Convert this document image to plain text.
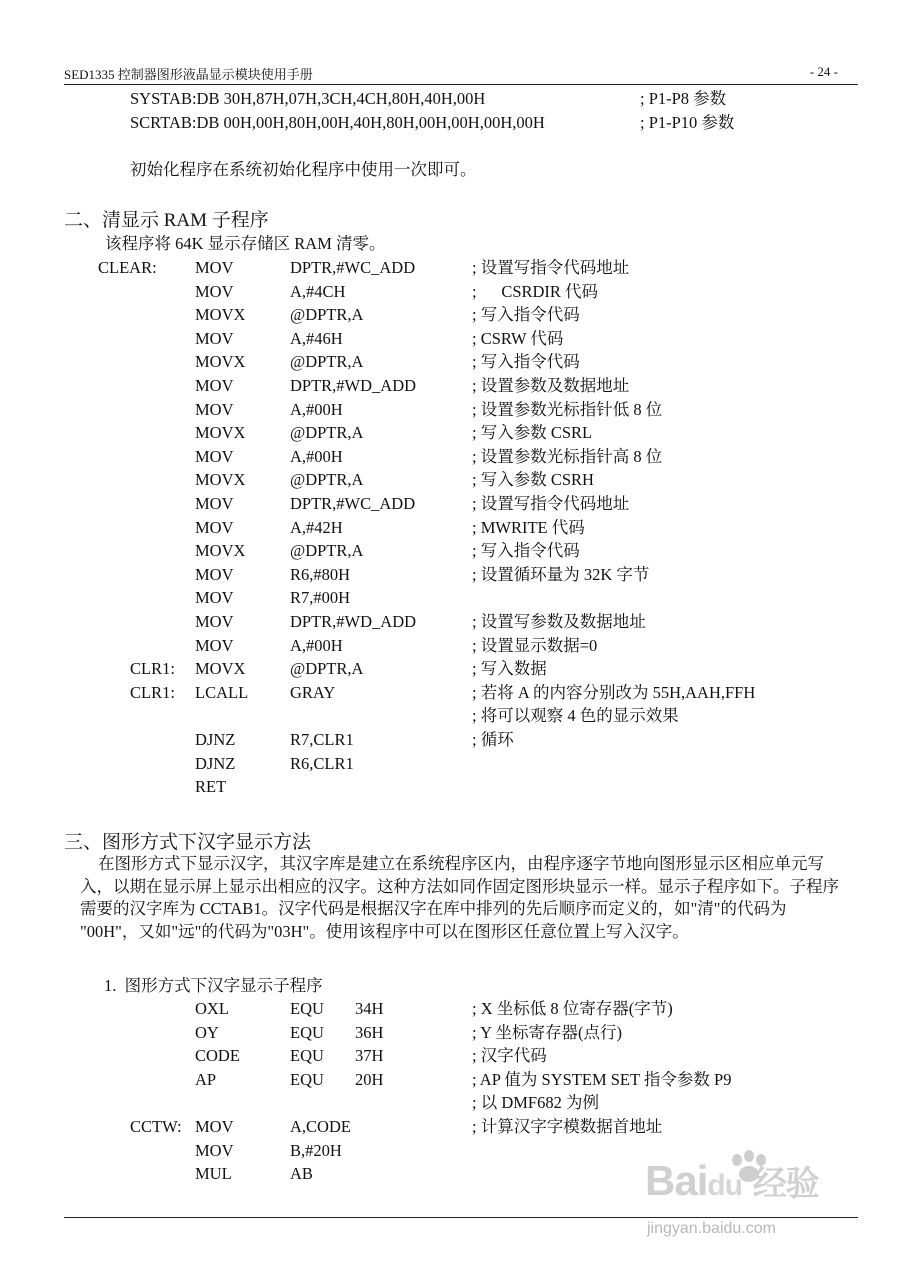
SED1335 控制器图形液晶显示模块使用手册	- 24 -
SYSTAB:DB 30H,87H,07H,3CH,4CH,80H,40H,00H	; P1-P8 参数
SCRTAB:DB 00H,00H,80H,00H,40H,80H,00H,00H,00H,00H	; P1-P10 参数
初始化程序在系统初始化程序中使用一次即可。
二、清显示 RAM 子程序
该程序将 64K 显示存储区 RAM 清零。
CLEAR: MOV	DPTR,#WC_ADD	; 设置写指令代码地址
MOV	A,#4CH	;      CSRDIR 代码
MOVX	@DPTR,A	; 写入指令代码
MOV	A,#46H	; CSRW 代码
MOVX	@DPTR,A	; 写入指令代码
MOV	DPTR,#WD_ADD	; 设置参数及数据地址
MOV	A,#00H	; 设置参数光标指针低 8 位
MOVX	@DPTR,A	; 写入参数 CSRL
MOV	A,#00H	; 设置参数光标指针高 8 位
MOVX	@DPTR,A	; 写入参数 CSRH
MOV	DPTR,#WC_ADD	; 设置写指令代码地址
MOV	A,#42H	; MWRITE 代码
MOVX	@DPTR,A	; 写入指令代码
MOV	R6,#80H	; 设置循环量为 32K 字节
MOV	R7,#00H
MOV	DPTR,#WD_ADD	; 设置写参数及数据地址
MOV	A,#00H	; 设置显示数据=0
CLR1: MOVX	@DPTR,A	; 写入数据
CLR1: LCALL	GRAY	; 若将 A 的内容分别改为 55H,AAH,FFH
; 将可以观察 4 色的显示效果
DJNZ	R7,CLR1	; 循环
DJNZ	R6,CLR1
RET
三、图形方式下汉字显示方法
在图形方式下显示汉字，其汉字库是建立在系统程序区内，由程序逐字节地向图形显示区相应单元写入，以期在显示屏上显示出相应的汉字。这种方法如同作固定图形块显示一样。显示子程序如下。子程序需要的汉字库为 CCTAB1。汉字代码是根据汉字在库中排列的先后顺序而定义的，如"清"的代码为 "00H"，又如"远"的代码为"03H"。使用该程序中可以在图形区任意位置上写入汉字。
1.  图形方式下汉字显示子程序
OXL	EQU 34H	; X 坐标低 8 位寄存器(字节)
OY	EQU 36H	; Y 坐标寄存器(点行)
CODE	EQU 37H	; 汉字代码
AP	EQU 20H	; AP 值为 SYSTEM SET 指令参数 P9
; 以 DMF682 为例
CCTW: MOV	A,CODE	; 计算汉字字模数据首地址
MOV	B,#20H
MUL	AB	Baidu 经验
jingyan.baidu.com
